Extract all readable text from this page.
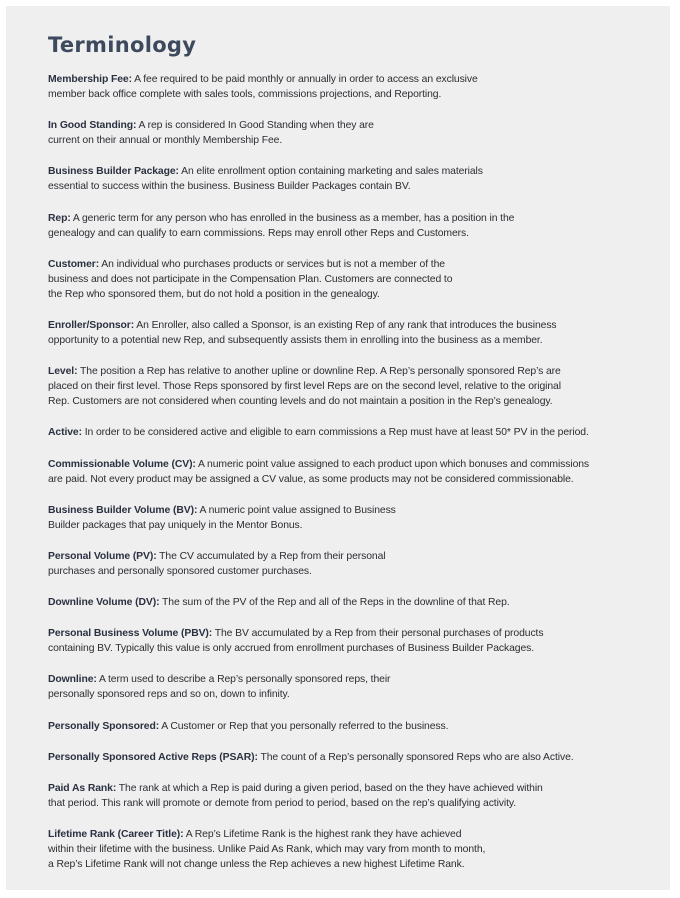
Terminology

Membership Fee: A fee required to be paid monthly or annually in order to access an exclusive
member back office complete with sales tools, commissions projections, and Reporting.

In Good Standing: A rep is considered In Good Standing when they are
current on their annual or monthly Membership Fee.

Business Builder Package: An elite enrollment option containing marketing and sales materials
essential to success within the business. Business Builder Packages contain BV.

Rep: A generic term for any person who has enrolled in the business as a member, has a position in the
genealogy and can qualify to earn commissions. Reps may enroll other Reps and Customers.

Customer: An individual who purchases products or services but is not a member of the
business and does not participate in the Compensation Plan. Customers are connected to
the Rep who sponsored them, but do not hold a position in the genealogy.

Enroller/Sponsor: An Enroller, also called a Sponsor, is an existing Rep of any rank that introduces the business
opportunity to a potential new Rep, and subsequently assists them in enrolling into the business as a member.

Level: The position a Rep has relative to another upline or downline Rep. A Rep’s personally sponsored Rep’s are
placed on their first level. Those Reps sponsored by first level Reps are on the second level, relative to the original
Rep. Customers are not considered when counting levels and do not maintain a position in the Rep’s genealogy.

Active: In order to be considered active and eligible to earn commissions a Rep must have at least 50* PV in the period.

Commissionable Volume (CV): A numeric point value assigned to each product upon which bonuses and commissions
are paid. Not every product may be assigned a CV value, as some products may not be considered commissionable.

Business Builder Volume (BV): A numeric point value assigned to Business
Builder packages that pay uniquely in the Mentor Bonus.

Personal Volume (PV): The CV accumulated by a Rep from their personal
purchases and personally sponsored customer purchases.

Downline Volume (DV): The sum of the PV of the Rep and all of the Reps in the downline of that Rep.

Personal Business Volume (PBV): The BV accumulated by a Rep from their personal purchases of products
containing BV. Typically this value is only accrued from enrollment purchases of Business Builder Packages.

Downline: A term used to describe a Rep’s personally sponsored reps, their
personally sponsored reps and so on, down to infinity.

Personally Sponsored: A Customer or Rep that you personally referred to the business.

Personally Sponsored Active Reps (PSAR): The count of a Rep’s personally sponsored Reps who are also Active.

Paid As Rank: The rank at which a Rep is paid during a given period, based on the they have achieved within
that period. This rank will promote or demote from period to period, based on the rep’s qualifying activity.

Lifetime Rank (Career Title): A Rep’s Lifetime Rank is the highest rank they have achieved
within their lifetime with the business. Unlike Paid As Rank, which may vary from month to month,
a Rep’s Lifetime Rank will not change unless the Rep achieves a new highest Lifetime Rank.
